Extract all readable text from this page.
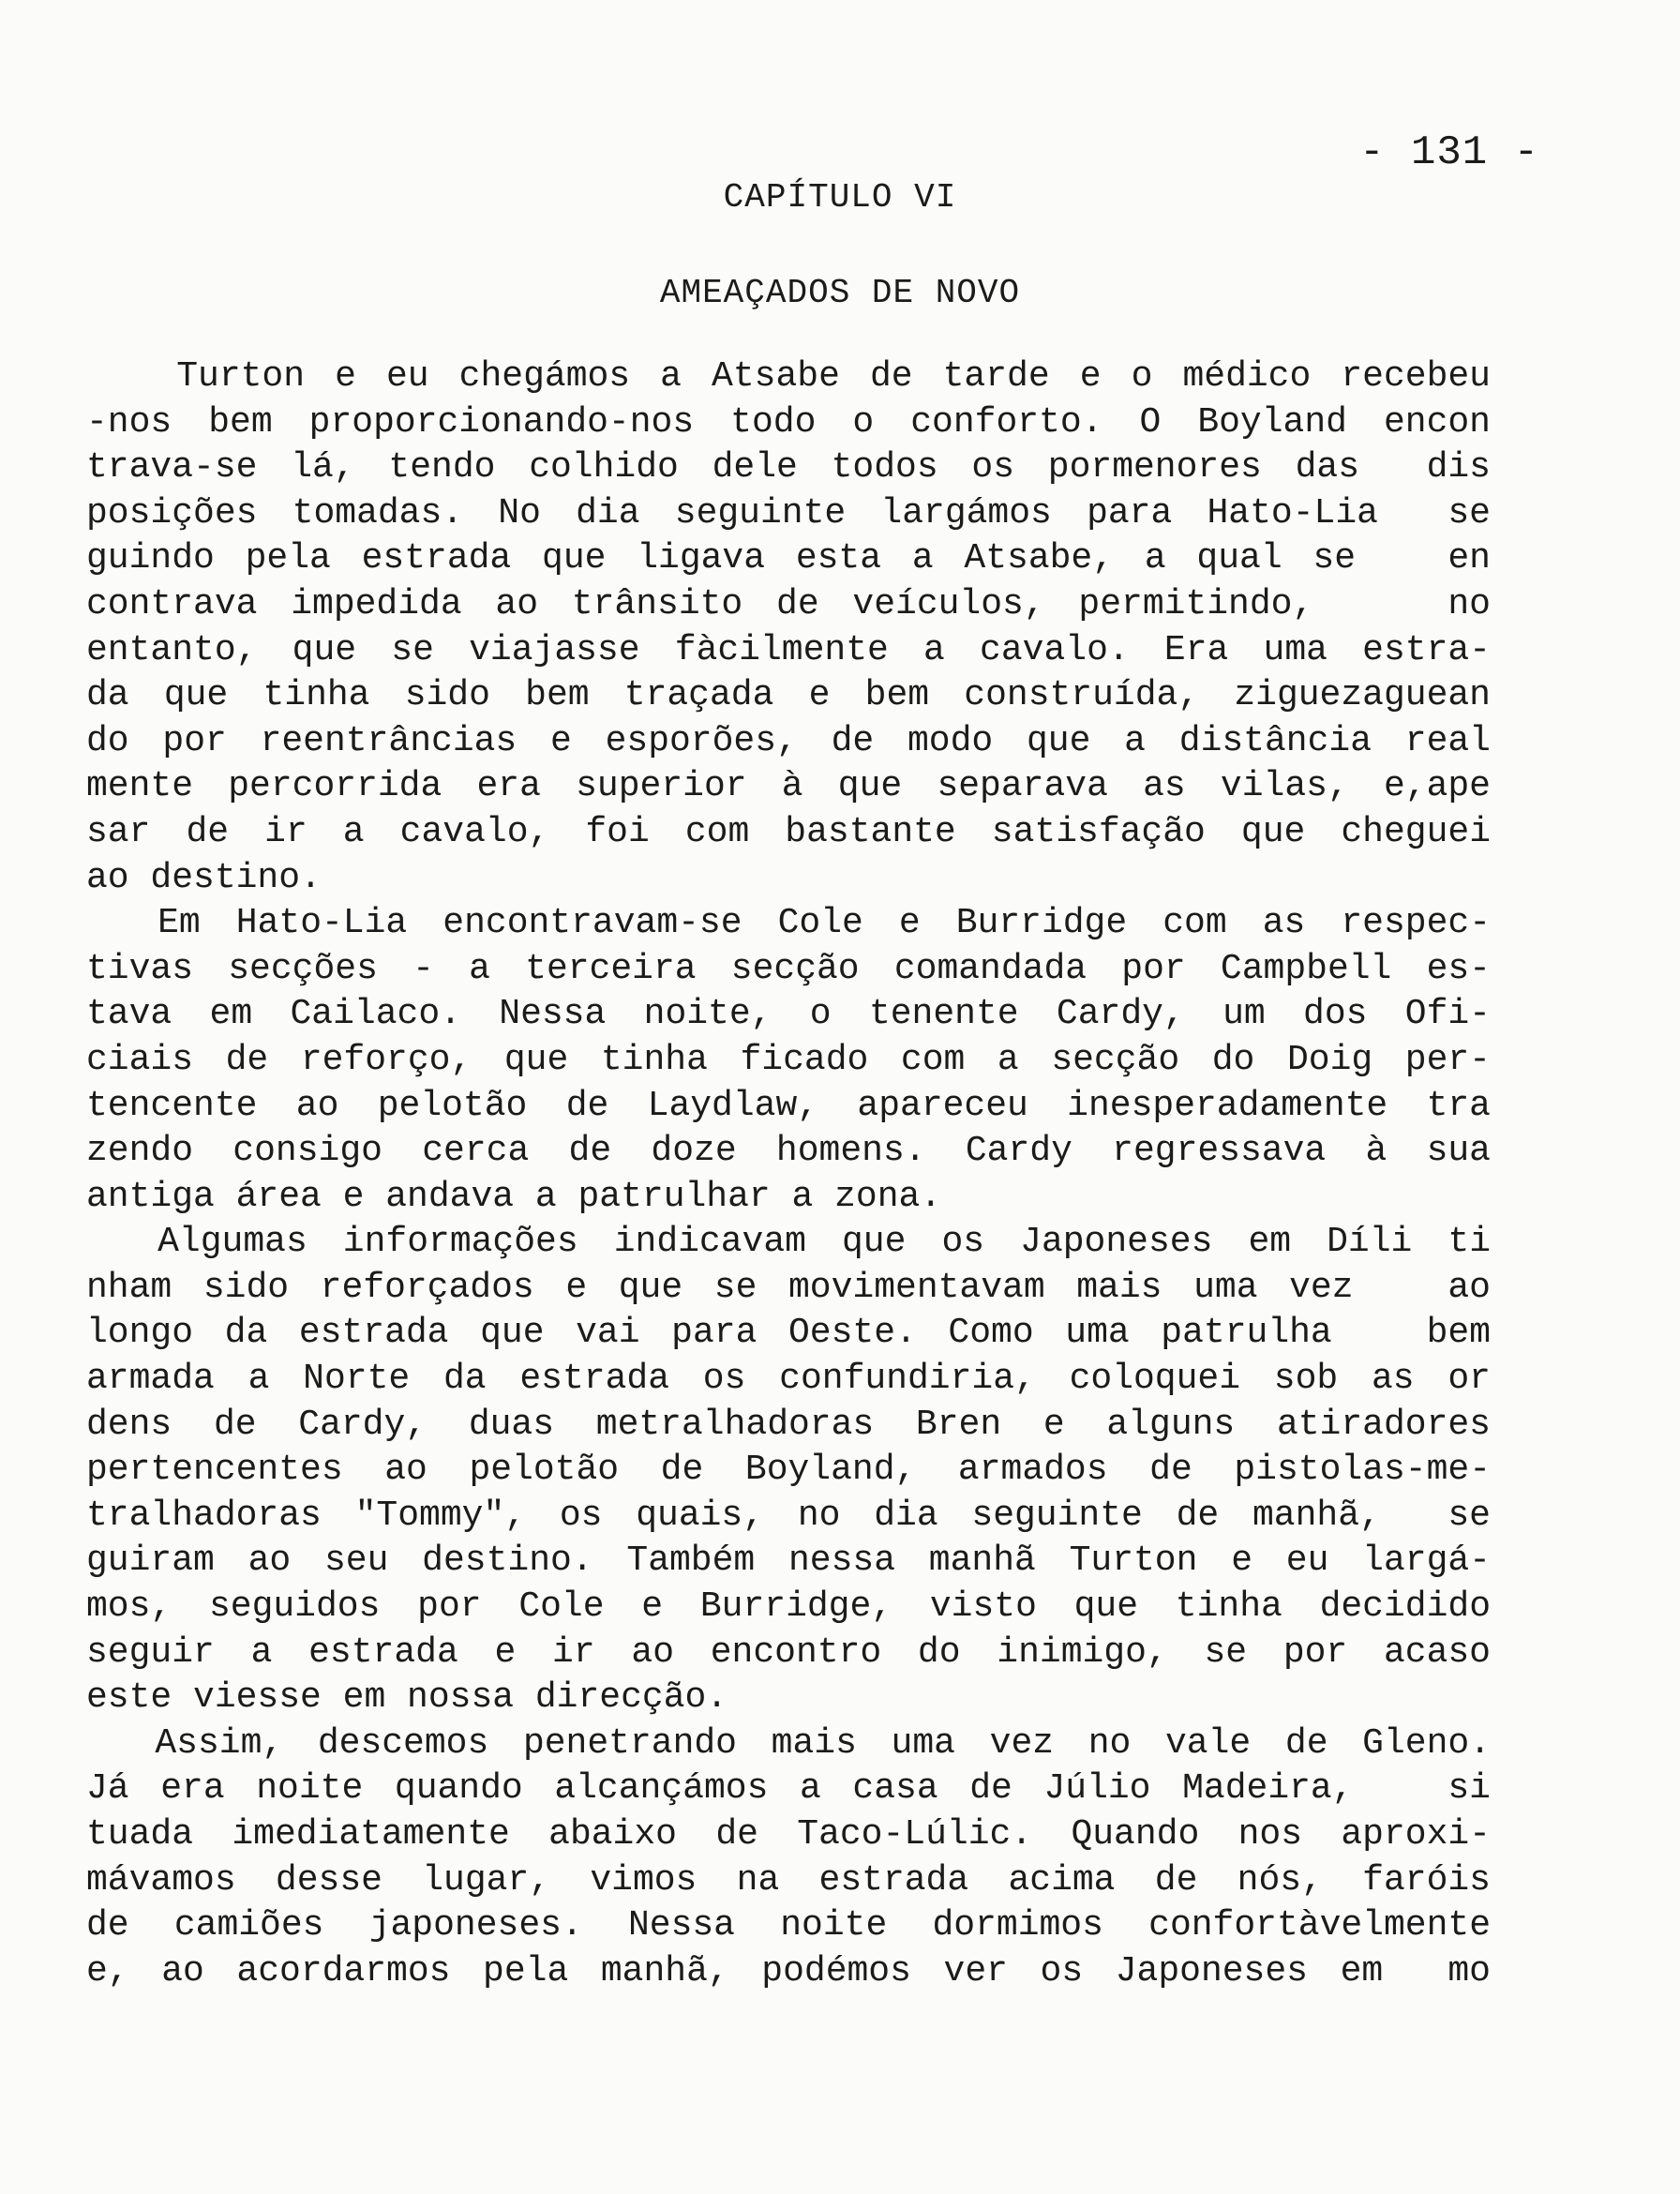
- 131 -
CAPÍTULO VI
AMEAÇADOS DE NOVO
Turton e eu chegámos a Atsabe de tarde e o médico recebeu
-nos bem proporcionando-nos todo o conforto. O Boyland encon
trava-se lá, tendo colhido dele todos os pormenores das  dis
posições tomadas. No dia seguinte largámos para Hato-Lia  se
guindo pela estrada que ligava esta a Atsabe, a qual se   en
contrava impedida ao trânsito de veículos, permitindo,    no
entanto, que se viajasse fàcilmente a cavalo. Era uma estra-
da que tinha sido bem traçada e bem construída, ziguezaguean
do por reentrâncias e esporões, de modo que a distância real
mente percorrida era superior à que separava as vilas, e,ape
sar de ir a cavalo, foi com bastante satisfação que cheguei
ao destino.
Em Hato-Lia encontravam-se Cole e Burridge com as respec-
tivas secções - a terceira secção comandada por Campbell es-
tava em Cailaco. Nessa noite, o tenente Cardy, um dos Ofi-
ciais de reforço, que tinha ficado com a secção do Doig per-
tencente ao pelotão de Laydlaw, apareceu inesperadamente tra
zendo consigo cerca de doze homens. Cardy regressava à sua
antiga área e andava a patrulhar a zona.
Algumas informações indicavam que os Japoneses em Díli ti
nham sido reforçados e que se movimentavam mais uma vez   ao
longo da estrada que vai para Oeste. Como uma patrulha   bem
armada a Norte da estrada os confundiria, coloquei sob as or
dens de Cardy, duas metralhadoras Bren e alguns atiradores
pertencentes ao pelotão de Boyland, armados de pistolas-me-
tralhadoras "Tommy", os quais, no dia seguinte de manhã,  se
guiram ao seu destino. Também nessa manhã Turton e eu largá-
mos, seguidos por Cole e Burridge, visto que tinha decidido
seguir a estrada e ir ao encontro do inimigo, se por acaso
este viesse em nossa direcção.
Assim, descemos penetrando mais uma vez no vale de Gleno.
Já era noite quando alcançámos a casa de Júlio Madeira,   si
tuada imediatamente abaixo de Taco-Lúlic. Quando nos aproxi-
mávamos desse lugar, vimos na estrada acima de nós, faróis
de camiões japoneses. Nessa noite dormimos confortàvelmente
e, ao acordarmos pela manhã, podémos ver os Japoneses em  mo
